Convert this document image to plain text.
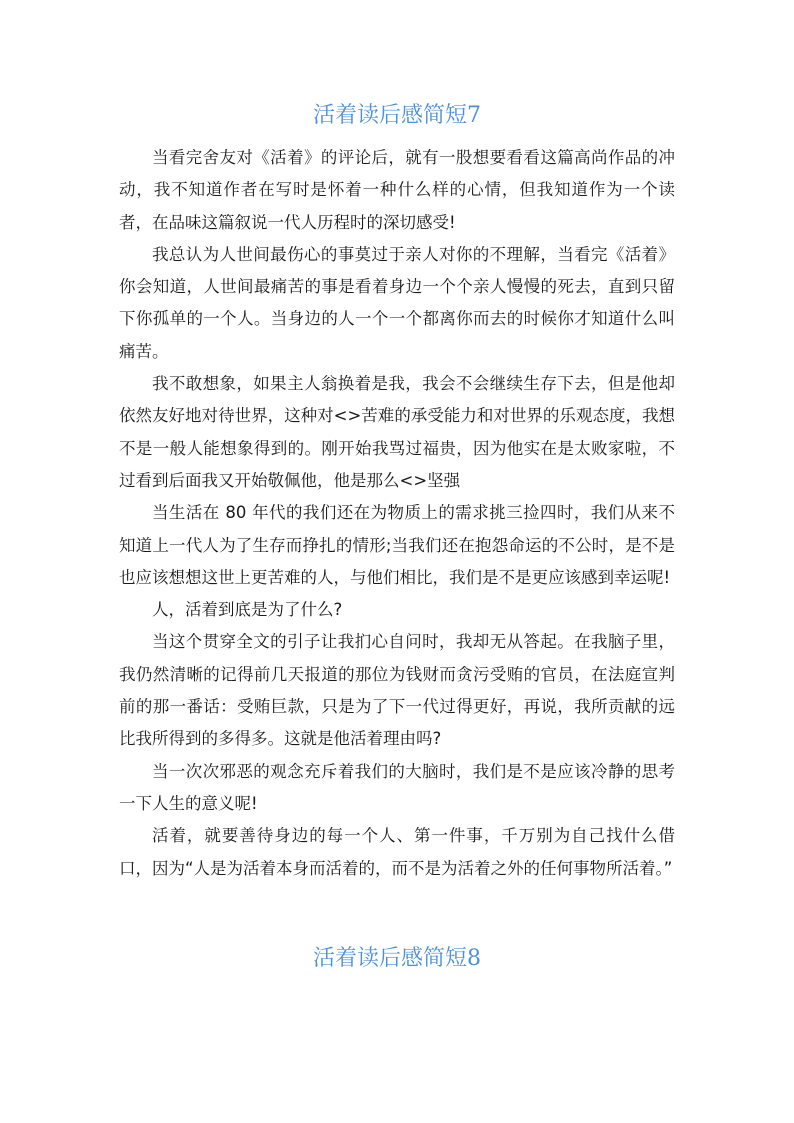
活着读后感简短7

当看完舍友对《活着》的评论后，就有一股想要看看这篇高尚作品的冲动，我不知道作者在写时是怀着一种什么样的心情，但我知道作为一个读者，在品味这篇叙说一代人历程时的深切感受!

我总认为人世间最伤心的事莫过于亲人对你的不理解，当看完《活着》你会知道，人世间最痛苦的事是看着身边一个个亲人慢慢的死去，直到只留下你孤单的一个人。当身边的人一个一个都离你而去的时候你才知道什么叫痛苦。

我不敢想象，如果主人翁换着是我，我会不会继续生存下去，但是他却依然友好地对待世界，这种对<>苦难的承受能力和对世界的乐观态度，我想不是一般人能想象得到的。刚开始我骂过福贵，因为他实在是太败家啦，不过看到后面我又开始敬佩他，他是那么<>坚强

当生活在 80 年代的我们还在为物质上的需求挑三捡四时，我们从来不知道上一代人为了生存而挣扎的情形;当我们还在抱怨命运的不公时，是不是也应该想想这世上更苦难的人，与他们相比，我们是不是更应该感到幸运呢!

人，活着到底是为了什么?

当这个贯穿全文的引子让我扪心自问时，我却无从答起。在我脑子里，我仍然清晰的记得前几天报道的那位为钱财而贪污受贿的官员，在法庭宣判前的那一番话：受贿巨款，只是为了下一代过得更好，再说，我所贡献的远比我所得到的多得多。这就是他活着理由吗?

当一次次邪恶的观念充斥着我们的大脑时，我们是不是应该冷静的思考一下人生的意义呢!

活着，就要善待身边的每一个人、第一件事，千万别为自己找什么借口，因为“人是为活着本身而活着的，而不是为活着之外的任何事物所活着。”

活着读后感简短8
